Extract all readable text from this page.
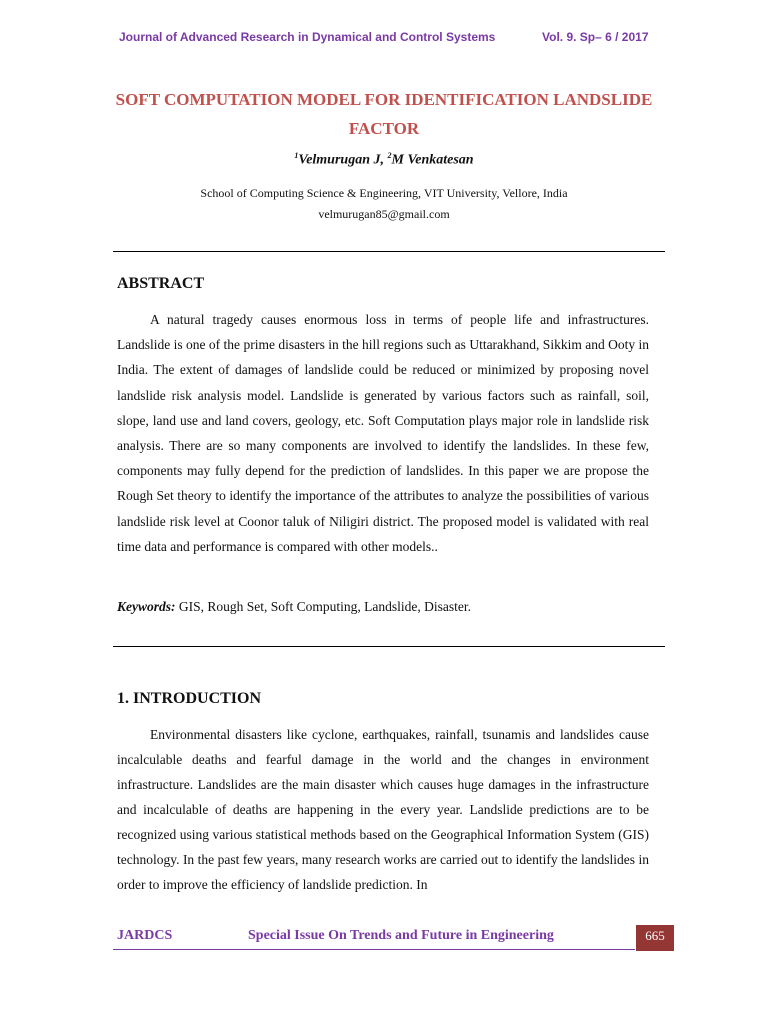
Journal of Advanced Research in Dynamical and Control Systems	Vol. 9. Sp– 6 / 2017
SOFT COMPUTATION MODEL FOR IDENTIFICATION LANDSLIDE
FACTOR
$^1$Velmurugan J, $^2$M Venkatesan
School of Computing Science & Engineering, VIT University, Vellore, India
velmurugan85@gmail.com
ABSTRACT
A natural tragedy causes enormous loss in terms of people life and infrastructures. Landslide is one of the prime disasters in the hill regions such as Uttarakhand, Sikkim and Ooty in India. The extent of damages of landslide could be reduced or minimized by proposing novel landslide risk analysis model. Landslide is generated by various factors such as rainfall, soil, slope, land use and land covers, geology, etc. Soft Computation plays major role in landslide risk analysis. There are so many components are involved to identify the landslides. In these few, components may fully depend for the prediction of landslides. In this paper we are propose the Rough Set theory to identify the importance of the attributes to analyze the possibilities of various landslide risk level at Coonor taluk of Niligiri district. The proposed model is validated with real time data and performance is compared with other models..
Keywords: GIS, Rough Set, Soft Computing, Landslide, Disaster.
1. INTRODUCTION
Environmental disasters like cyclone, earthquakes, rainfall, tsunamis and landslides cause incalculable deaths and fearful damage in the world and the changes in environment infrastructure. Landslides are the main disaster which causes huge damages in the infrastructure and incalculable of deaths are happening in the every year. Landslide predictions are to be recognized using various statistical methods based on the Geographical Information System (GIS) technology. In the past few years, many research works are carried out to identify the landslides in order to improve the efficiency of landslide prediction. In
JARDCS	Special Issue On Trends and Future in Engineering	665
